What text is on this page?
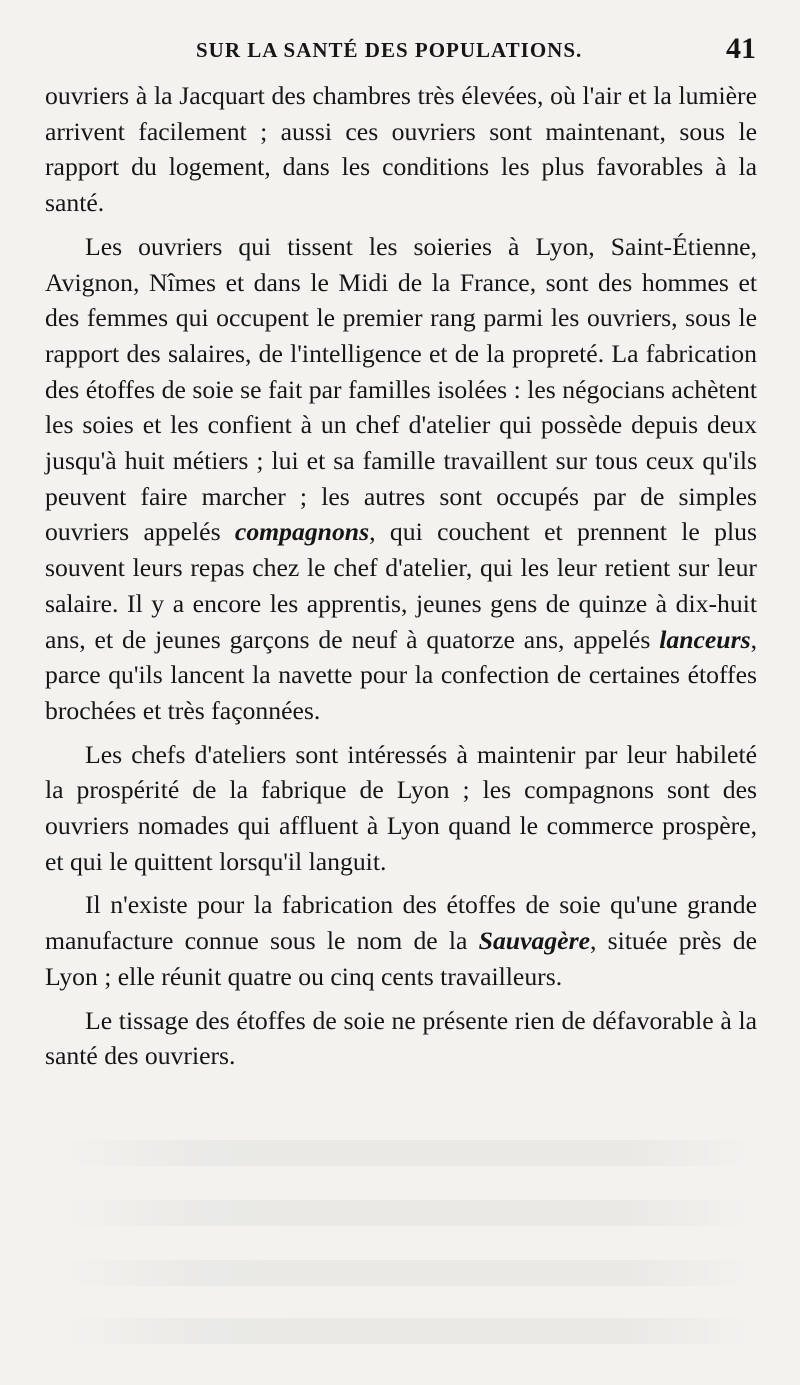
SUR LA SANTÉ DES POPULATIONS.	41

ouvriers à la Jacquart des chambres très élevées, où l'air et la lumière arrivent facilement ; aussi ces ouvriers sont maintenant, sous le rapport du logement, dans les conditions les plus favorables à la santé.

Les ouvriers qui tissent les soieries à Lyon, Saint-Étienne, Avignon, Nîmes et dans le Midi de la France, sont des hommes et des femmes qui occupent le premier rang parmi les ouvriers, sous le rapport des salaires, de l'intelligence et de la propreté. La fabrication des étoffes de soie se fait par familles isolées : les négocians achètent les soies et les confient à un chef d'atelier qui possède depuis deux jusqu'à huit métiers ; lui et sa famille travaillent sur tous ceux qu'ils peuvent faire marcher ; les autres sont occupés par de simples ouvriers appelés compagnons, qui couchent et prennent le plus souvent leurs repas chez le chef d'atelier, qui les leur retient sur leur salaire. Il y a encore les apprentis, jeunes gens de quinze à dix-huit ans, et de jeunes garçons de neuf à quatorze ans, appelés lanceurs, parce qu'ils lancent la navette pour la confection de certaines étoffes brochées et très façonnées.

Les chefs d'ateliers sont intéressés à maintenir par leur habileté la prospérité de la fabrique de Lyon ; les compagnons sont des ouvriers nomades qui affluent à Lyon quand le commerce prospère, et qui le quittent lorsqu'il languit.

Il n'existe pour la fabrication des étoffes de soie qu'une grande manufacture connue sous le nom de la Sauvagère, située près de Lyon ; elle réunit quatre ou cinq cents travailleurs.

Le tissage des étoffes de soie ne présente rien de défavorable à la santé des ouvriers.
